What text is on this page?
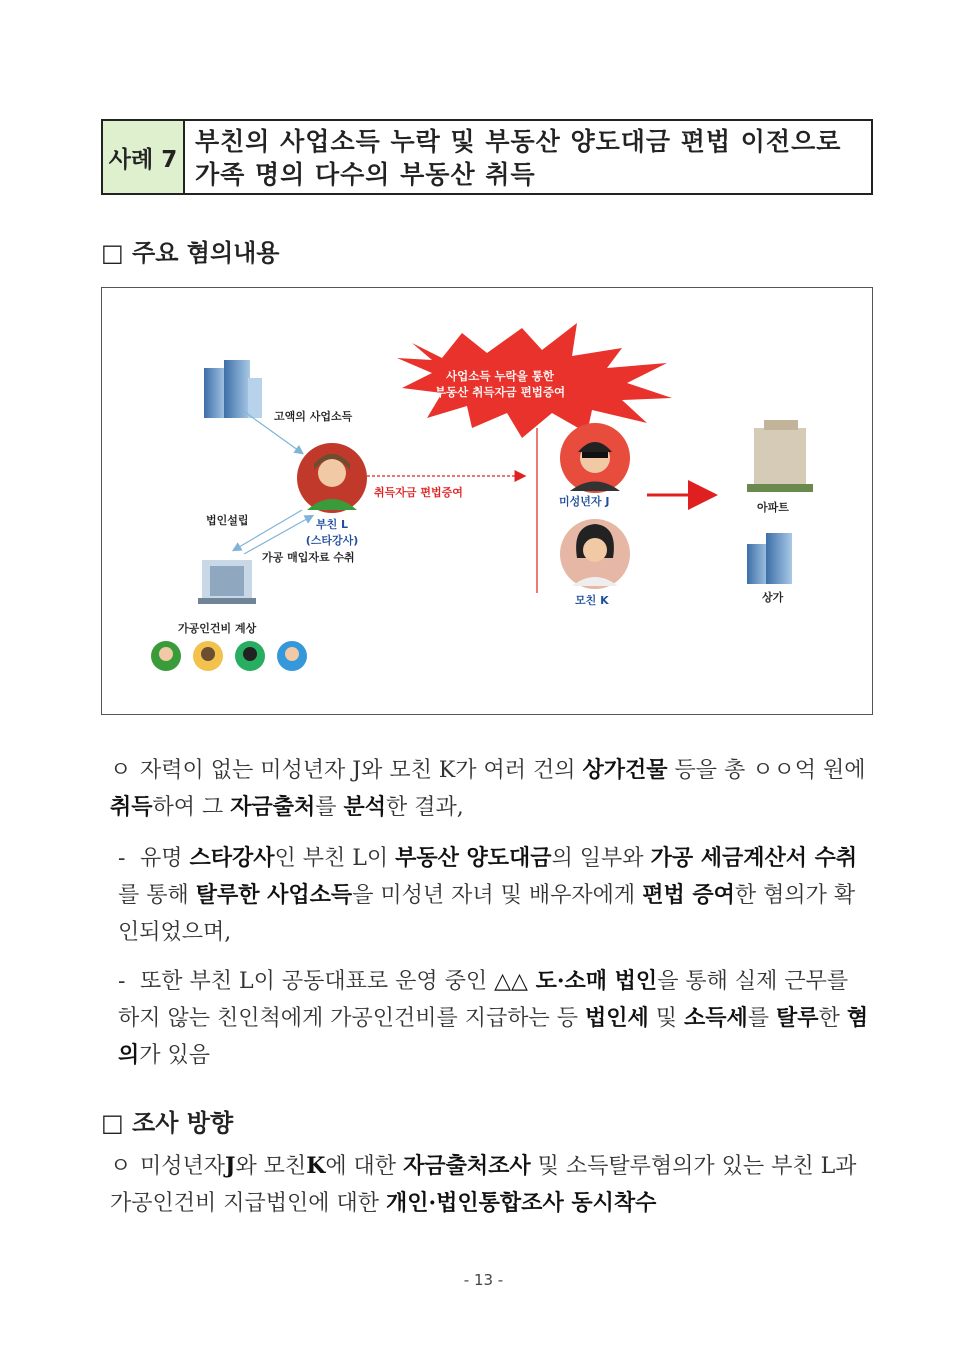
사례 7
부친의 사업소득 누락 및 부동산 양도대금 편법 이전으로
가족 명의 다수의 부동산 취득
□ 주요 혐의내용
사업소득 누락을 통한
부동산 취득자금 편법증여
고액의 사업소득
부친 L
(스타강사)
취득자금 편법증여
미성년자 J
모친 K
아파트
상가
법인설립
가공 매입자료 수취
가공인건비 계상
ㅇ 자력이 없는 미성년자 J와 모친 K가 여러 건의 상가건물 등을 총 ㅇㅇ억 원에 취득하여 그 자금출처를 분석한 결과,
- 유명 스타강사인 부친 L이 부동산 양도대금의 일부와 가공 세금계산서 수취를 통해 탈루한 사업소득을 미성년 자녀 및 배우자에게 편법 증여한 혐의가 확인되었으며,
- 또한 부친 L이 공동대표로 운영 중인 △△ 도·소매 법인을 통해 실제 근무를 하지 않는 친인척에게 가공인건비를 지급하는 등 법인세 및 소득세를 탈루한 혐의가 있음
□ 조사 방향
ㅇ 미성년자J와 모친K에 대한 자금출처조사 및 소득탈루혐의가 있는 부친 L과 가공인건비 지급법인에 대한 개인·법인통합조사 동시착수
- 13 -
